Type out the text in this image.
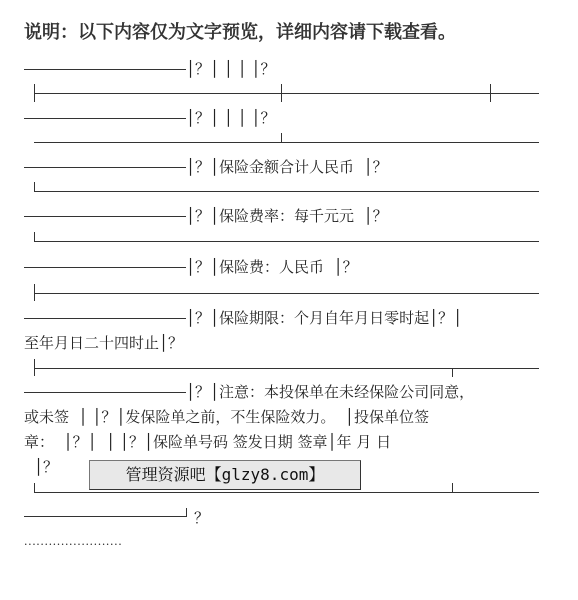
说明：以下内容仅为文字预览，详细内容请下载查看。
│？│ │ │ │？
│？│ │ │ │？
│？│保险金额合计人民币  │？
│？│保险费率：每千元元  │？
│？│保险费：人民币  │？
│？│保险期限：个月自年月日零时起│？│
至年月日二十四时止│？
│？│注意：本投保单在未经保险公司同意，
或未签  │ │？│发保险单之前，不生保险效力。  │投保单位签
章：  │？│  │ │？│保险单号码 签发日期 签章│年 月 日
│？	管理资源吧【glzy8.com】
？
························
